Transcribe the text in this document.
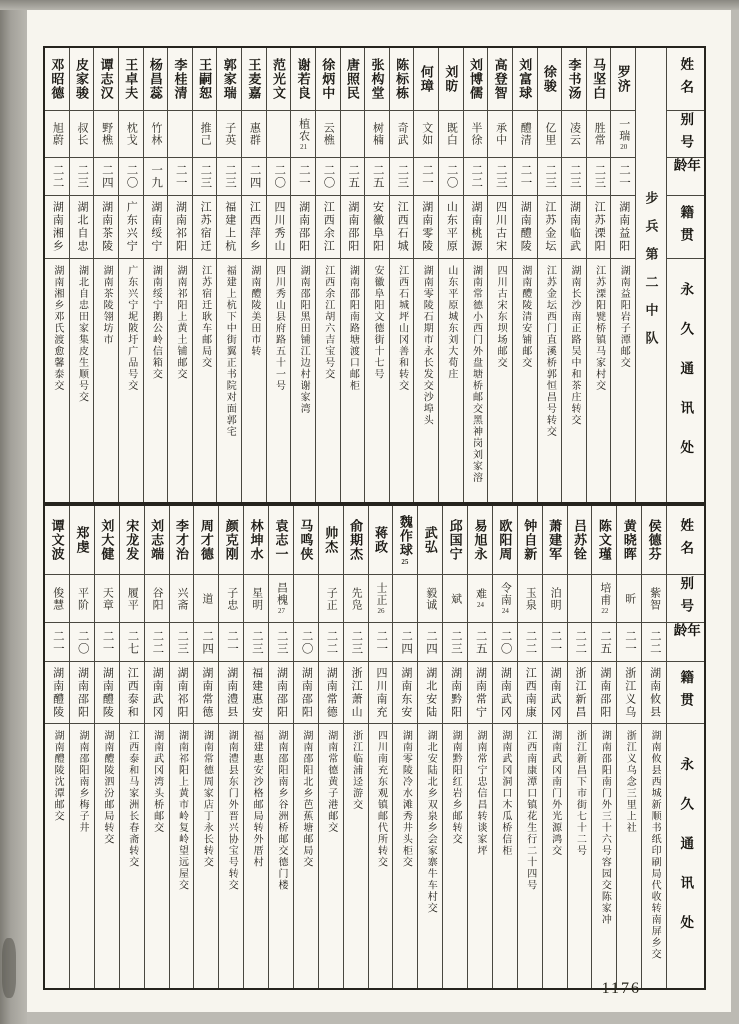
姓名
别号
年龄
籍贯
永久通讯处
步兵第二中队
罗济
一瑞20
二一
湖南益阳
湖南益阳岩子潭邮交
马坚白
胜常
二三
江苏溧阳
江苏溧阳甓桥镇马家村交
李书汤
凌云
二三
湖南临武
湖南长沙南正路吴中和茶庄转交
徐骏
亿里
二三
江苏金坛
江苏金坛西门直溪桥郭恒昌号转交
刘富球
醴清
二一
湖南醴陵
湖南醴陵清安铺邮交
高登智
承中
二三
四川古宋
四川古宋东坝场邮交
刘博儒
半徐
二二
湖南桃源
湖南常德小西门外盘塘桥邮交黑神岗刘家溶
刘昉
既白
二〇
山东平原
山东平原城东刘大荀庄
何璋
文如
二一
湖南零陵
湖南零陵石期市永长发交沙埠头
陈标栋
奇武
二三
江西石城
江西石城坪山冈善和转交
张构堂
树楠
二五
安徽阜阳
安徽阜阳文德街十七号
唐照民
二五
湖南邵阳
湖南邵阳南路塘渡口邮柜
徐炳中
云樵
二〇
江西余江
江西余江胡六吉宝号交
谢若良
植农21
二一
湖南邵阳
湖南邵阳黑田铺江边村谢家湾
范光文
二〇
四川秀山
四川秀山县府路五十一号
王麦嘉
惠群
二四
江西萍乡
湖南醴陵美田市转
郭家瑞
子英
二三
福建上杭
福建上杭下中街翼正书院对面郭宅
王嗣恕
推己
二三
江苏宿迁
江苏宿迁耿车邮局交
李桂清
二一
湖南祁阳
湖南祁阳上黄土铺邮交
杨昌蕊
竹林
一九
湖南绥宁
湖南绥宁鹅公岭信箱交
王卓夫
枕戈
二〇
广东兴宁
广东兴宁坭陂圩广品号交
谭志汉
野樵
二四
湖南茶陵
湖南茶陵翎坊市
皮家骏
叔长
二三
湖北自忠
湖北自忠田家集皮生顺号交
邓昭德
旭蔚
二二
湖南湘乡
湖南湘乡邓氏渡愈馨泰交
姓名
别号
年龄
籍贯
永久通讯处
侯德芬
紫智
二二
湖南攸县
湖南攸县西城新顺书纸印刷局代收转南屏乡交
黄晓晖
昕
二一
浙江义乌
浙江义乌念三里上社
陈文瑾
培甫22
二五
湖南邵阳
湖南邵阳南门外三十六号容园交陈家冲
吕苏铨
二二
浙江新昌
浙江新昌下市街七十二号
萧建军
泊明
二一
湖南武冈
湖南武冈南门外光源鸿交
钟自新
玉泉
二二
江西南康
江西南康潭口镇花生行二十四号
欧阳周
令南24
二〇
湖南武冈
湖南武冈洞口木瓜桥信柜
易旭永
难24
二五
湖南常宁
湖南常宁忠信昌转谈家坪
邱国宁
斌
二三
湖南黔阳
湖南黔阳红岩乡邮转交
武弘
毅诚
二四
湖北安陆
湖北安陆北乡双泉乡会家寨牛车村交
魏作球25
二四
湖南东安
湖南零陵冷水滩秀井头柜交
蒋政
士正26
二一
四川南充
四川南充东观镇邮代所转交
俞期杰
先凫
二三
浙江萧山
浙江临浦迳游交
帅杰
子正
二二
湖南常德
湖南常德黄子港邮交
马鸣侠
二〇
湖南邵阳
湖南邵阳北乡芭蕉塘邮局交
袁志一
昌槐27
二三
湖南邵阳
湖南邵阳南乡谷洲桥邮交德门楼
林坤水
星明
二三
福建惠安
福建惠安沙格邮局转外厝村
颜克刚
子忠
二一
湖南澧县
湖南澧县东门外晋兴协宝号转交
周才德
道
二四
湖南常德
湖南常德周家店丁永长转交
李才治
兴斋
二三
湖南祁阳
湖南祁阳上黄市岭复岭望远屋交
刘志端
谷阳
二二
湖南武冈
湖南武冈湾头桥邮交
宋龙发
履平
二七
江西泰和
江西泰和马家洲长春斋转交
刘大健
天章
二一
湖南醴陵
湖南醴陵泗汾邮局转交
郑虔
平阶
二〇
湖南邵阳
湖南邵阳南乡梅子井
谭文波
俊慧
二一
湖南醴陵
湖南醴陵沈潭邮交
1176
